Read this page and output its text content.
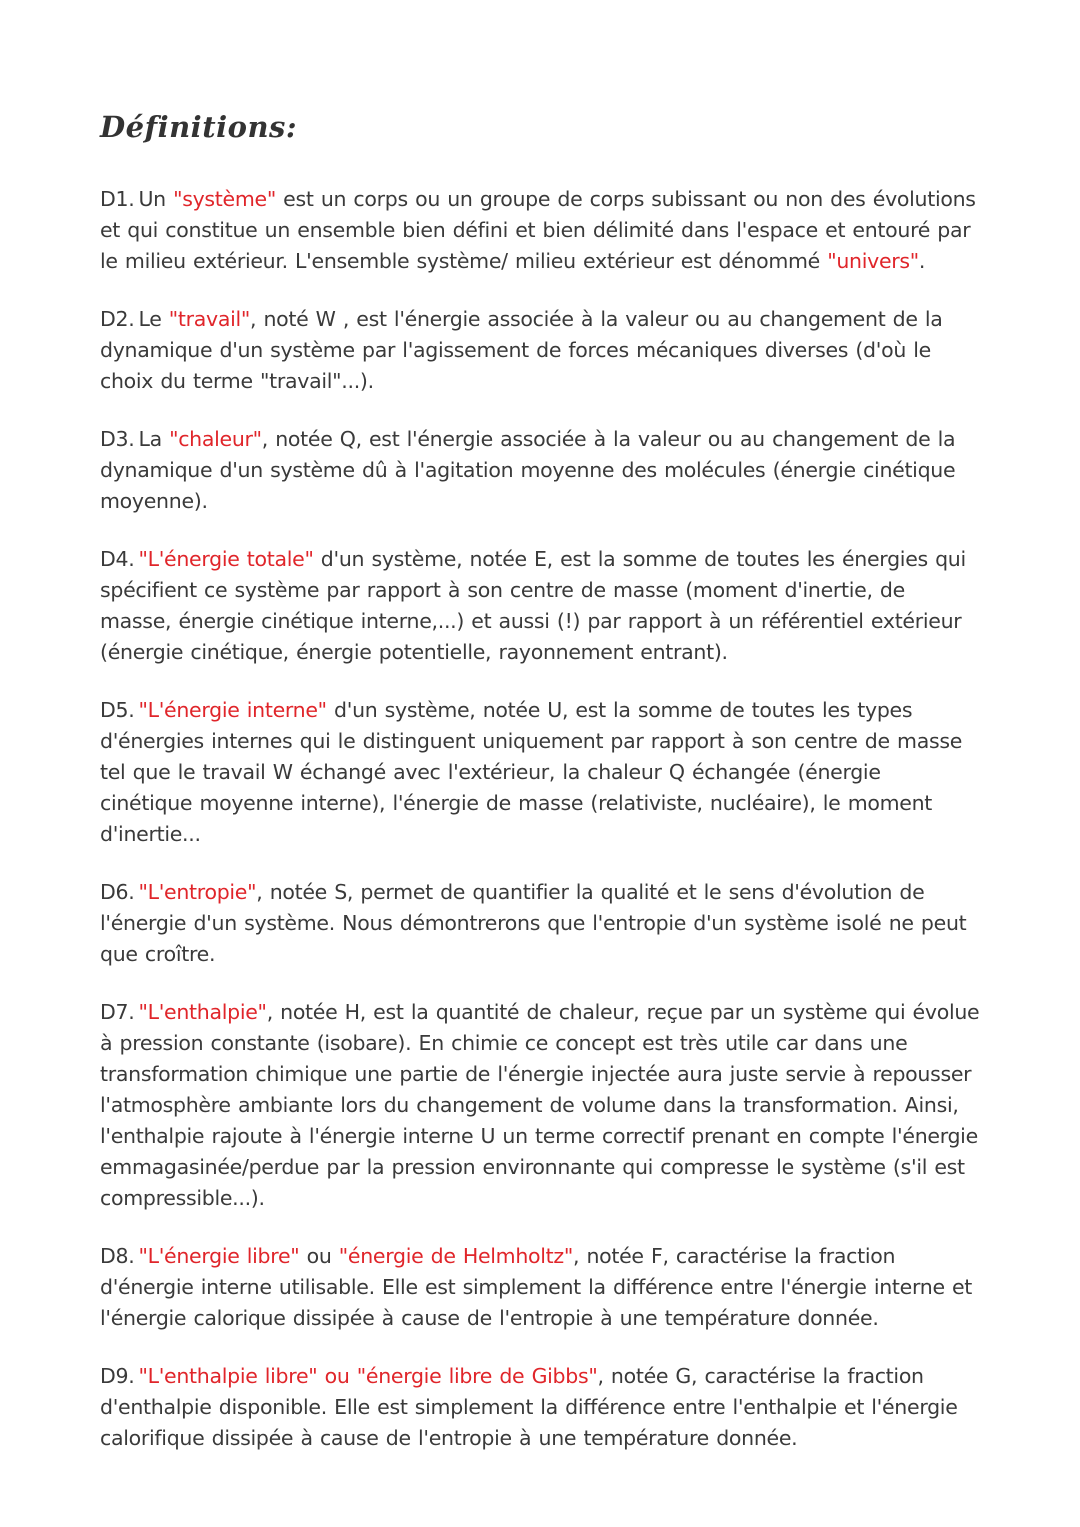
Définitions:

D1. Un "système" est un corps ou un groupe de corps subissant ou non des évolutions et qui constitue un ensemble bien défini et bien délimité dans l'espace et entouré par le milieu extérieur. L'ensemble système/ milieu extérieur est dénommé "univers".

D2. Le "travail", noté W , est l'énergie associée à la valeur ou au changement de la dynamique d'un système par l'agissement de forces mécaniques diverses (d'où le choix du terme "travail"...).

D3. La "chaleur", notée Q, est l'énergie associée à la valeur ou au changement de la dynamique d'un système dû à l'agitation moyenne des molécules (énergie cinétique moyenne).

D4. "L'énergie totale" d'un système, notée E, est la somme de toutes les énergies qui spécifient ce système par rapport à son centre de masse (moment d'inertie, de masse, énergie cinétique interne,...) et aussi (!) par rapport à un référentiel extérieur (énergie cinétique, énergie potentielle, rayonnement entrant).

D5. "L'énergie interne" d'un système, notée U, est la somme de toutes les types d'énergies internes qui le distinguent uniquement par rapport à son centre de masse tel que le travail W échangé avec l'extérieur, la chaleur Q échangée (énergie cinétique moyenne interne), l'énergie de masse (relativiste, nucléaire), le moment d'inertie...

D6. "L'entropie", notée S, permet de quantifier la qualité et le sens d'évolution de l'énergie d'un système. Nous démontrerons que l'entropie d'un système isolé ne peut que croître.

D7. "L'enthalpie", notée H, est la quantité de chaleur, reçue par un système qui évolue à pression constante (isobare). En chimie ce concept est très utile car dans une transformation chimique une partie de l'énergie injectée aura juste servie à repousser l'atmosphère ambiante lors du changement de volume dans la transformation. Ainsi, l'enthalpie rajoute à l'énergie interne U un terme correctif prenant en compte l'énergie emmagasinée/perdue par la pression environnante qui compresse le système (s'il est compressible...).

D8. "L'énergie libre" ou "énergie de Helmholtz", notée F, caractérise la fraction d'énergie interne utilisable. Elle est simplement la différence entre l'énergie interne et l'énergie calorique dissipée à cause de l'entropie à une température donnée.

D9. "L'enthalpie libre" ou "énergie libre de Gibbs", notée G, caractérise la fraction d'enthalpie disponible. Elle est simplement la différence entre l'enthalpie et l'énergie calorifique dissipée à cause de l'entropie à une température donnée.
